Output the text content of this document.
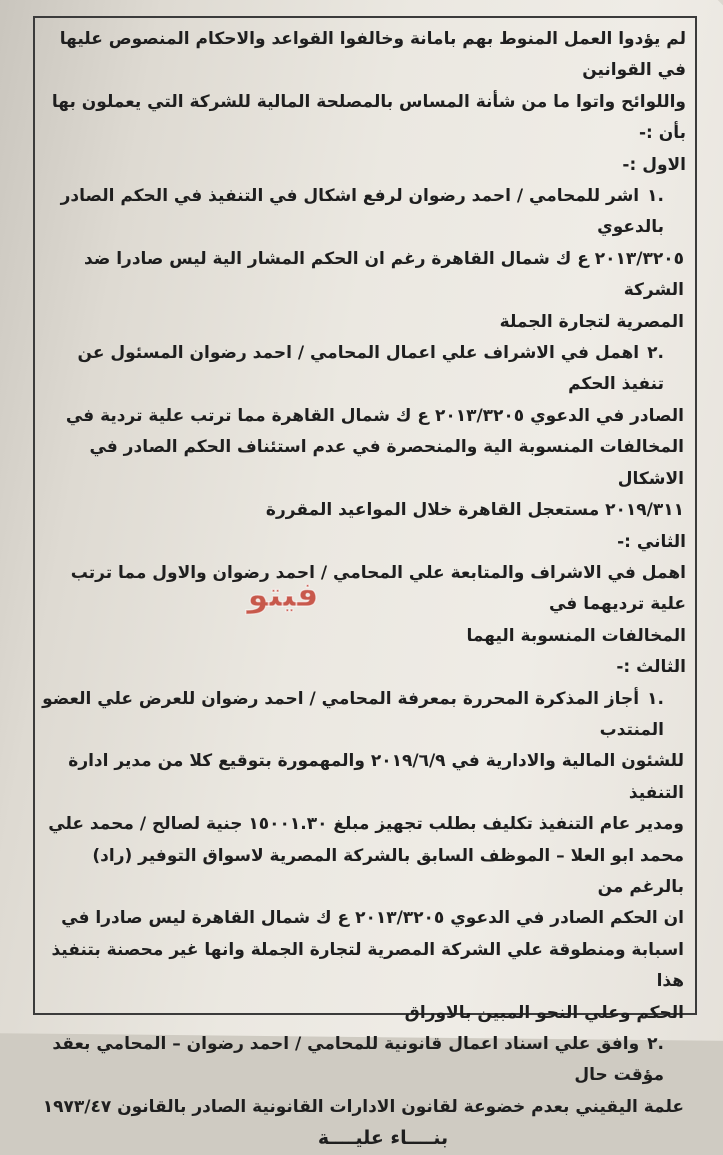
لم يؤدوا العمل المنوط بهم بامانة وخالفوا القواعد والاحكام المنصوص عليها في القوانين

واللوائح واتوا ما من شأنة المساس بالمصلحة المالية للشركة التي يعملون بها بأن :-

الاول :-

.١اشر للمحامي / احمد رضوان لرفع اشكال في التنفيذ في الحكم الصادر بالدعوي

٢٠١٣/٣٢٠٥ ع ك شمال القاهرة رغم ان الحكم المشار الية ليس صادرا ضد الشركة

المصرية لتجارة الجملة

.٢اهمل في الاشراف علي اعمال المحامي / احمد رضوان المسئول عن تنفيذ الحكم

الصادر في الدعوي ٢٠١٣/٣٢٠٥ ع ك شمال القاهرة مما ترتب علية تردية في

المخالفات المنسوبة الية والمنحصرة في عدم استئناف الحكم الصادر في الاشكال

٢٠١٩/٣١١ مستعجل القاهرة خلال المواعيد المقررة

الثاني :-

اهمل في الاشراف والمتابعة علي المحامي / احمد رضوان والاول مما ترتب علية ترديهما في

المخالفات المنسوبة اليهما

الثالث :-

.١أجاز المذكرة المحررة بمعرفة المحامي / احمد رضوان للعرض علي العضو المنتدب

للشئون المالية والادارية في ٢٠١٩/٦/٩ والمهمورة بتوقيع كلا من مدير ادارة التنفيذ

ومدير عام التنفيذ تكليف بطلب تجهيز مبلغ ١٥٠٠١.٣٠ جنية لصالح / محمد علي

محمد ابو العلا – الموظف السابق بالشركة المصرية لاسواق التوفير (راد) بالرغم من

ان الحكم الصادر في الدعوي ٢٠١٣/٣٢٠٥ ع ك شمال القاهرة ليس صادرا في

اسبابة ومنطوقة علي الشركة المصرية لتجارة الجملة وانها غير محصنة بتنفيذ هذا

الحكم وعلي النحو المبين بالاوراق

.٢وافق علي اسناد اعمال قانونية للمحامي / احمد رضوان – المحامي بعقد مؤقت حال

علمة اليقيني بعدم خضوعة لقانون الادارات القانونية الصادر بالقانون ١٩٧٣/٤٧

بنــــاء عليــــة

فيتو
